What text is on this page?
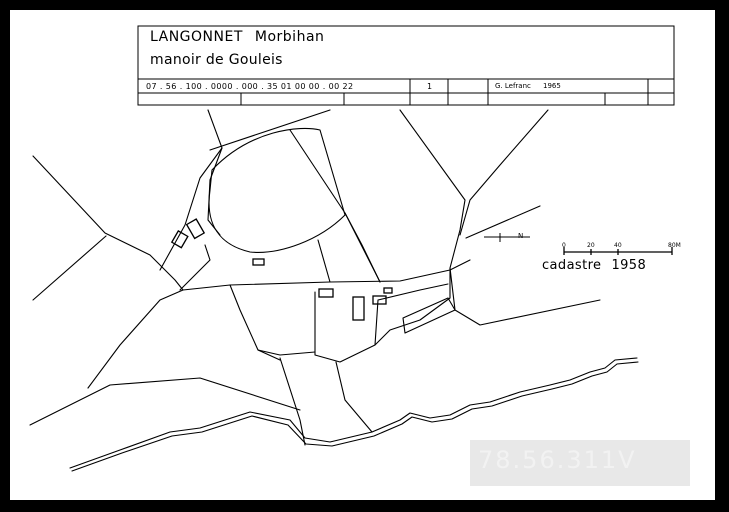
LANGONNET Morbihan
manoir de Gouleis
07 . 56 . 100 . 0000 . 000 . 35 01 00 00 . 00 22	1	G. Lefranc 1965
0	20	40	80M
N
cadastre 1958
78.56.311V
